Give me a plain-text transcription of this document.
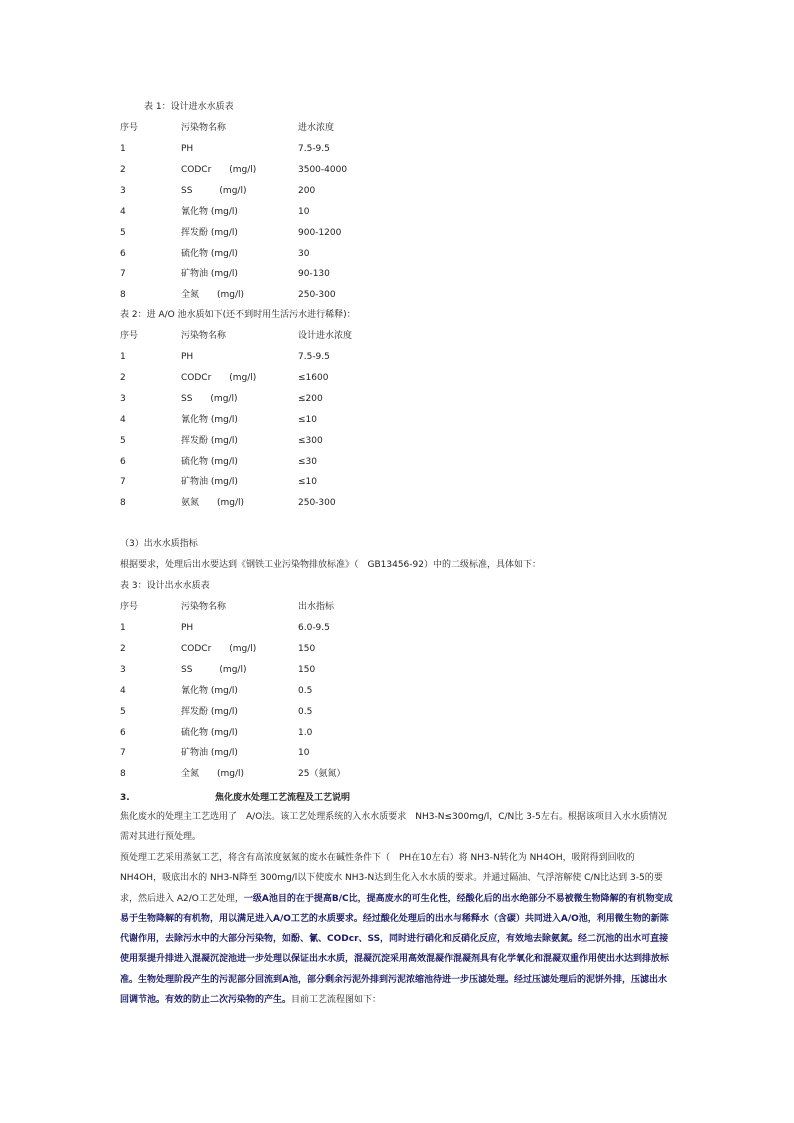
表 1：设计进水水质表
序号	污染物名称	进水浓度
1	PH	7.5-9.5
2	CODCr　　(mg/l)	3500-4000
3	SS　　　(mg/l)	200
4	氰化物 (mg/l)	10
5	挥发酚 (mg/l)	900-1200
6	硫化物 (mg/l)	30
7	矿物油 (mg/l)	90-130
8	全氮　　(mg/l)	250-300
表 2：进 A/O 池水质如下(还不到时用生活污水进行稀释)：
序号	污染物名称	设计进水浓度
1	PH	7.5-9.5
2	CODCr　　(mg/l)	≤1600
3	SS　　(mg/l)	≤200
4	氰化物 (mg/l)	≤10
5	挥发酚 (mg/l)	≤300
6	硫化物 (mg/l)	≤30
7	矿物油 (mg/l)	≤10
8	氨氮　　(mg/l)	250-300
（3）出水水质指标
根据要求，处理后出水要达到《钢铁工业污染物排放标准》（　GB13456-92）中的二级标准，具体如下：
表 3：设计出水水质表
序号	污染物名称	出水指标
1	PH	6.0-9.5
2	CODCr　　(mg/l)	150
3	SS　　　(mg/l)	150
4	氰化物 (mg/l)	0.5
5	挥发酚 (mg/l)	0.5
6	硫化物 (mg/l)	1.0
7	矿物油 (mg/l)	10
8	全氮　　(mg/l)	25（氨氮）
3.	焦化废水处理工艺流程及工艺说明
焦化废水的处理主工艺选用了　A/O法。该工艺处理系统的入水水质要求　NH3-N≤300mg/l，C/N比 3-5左右。根据该项目入水水质情况需对其进行预处理。
预处理工艺采用蒸氨工艺，将含有高浓度氨氮的废水在碱性条件下（　PH在10左右）将 NH3-N转化为 NH4OH，吸附得到回收的 NH4OH，吸底出水的 NH3-N降至 300mg/l以下使废水 NH3-N达到生化入水水质的要求。并通过隔油、气浮溶解使 C/N比达到 3-5的要求，然后进入 A2/O工艺处理，一级A池目的在于提高B/C比，提高废水的可生化性，经酸化后的出水绝部分不易被微生物降解的有机物变成易于生物降解的有机物，用以满足进入A/O工艺的水质要求。经过酸化处理后的出水与稀释水（含碳）共同进入A/O池，利用微生物的新陈代谢作用，去除污水中的大部分污染物，如酚、氰、CODcr、SS，同时进行硝化和反硝化反应，有效地去除氨氮。经二沉池的出水可直接使用泵提升排进入混凝沉淀池进一步处理以保证出水水质，混凝沉淀采用高效混凝作混凝剂具有化学氧化和混凝双重作用使出水达到排放标准。生物处理阶段产生的污泥部分回流到A池，部分剩余污泥外排到污泥浓缩池待进一步压滤处理。经过压滤处理后的泥饼外排，压滤出水回调节池。有效的防止二次污染物的产生。目前工艺流程图如下：
